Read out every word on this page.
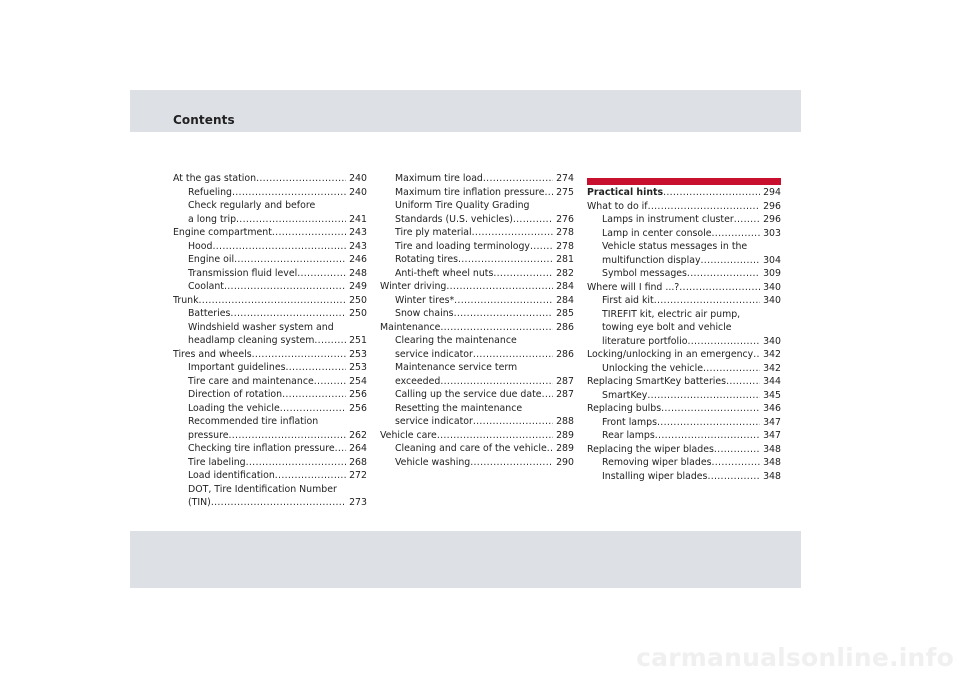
Contents
At the gas station .....	240
Refueling .....	240
Check regularly and before
a long trip .....	241
Engine compartment .....	243
Hood .....	243
Engine oil .....	246
Transmission fluid level .....	248
Coolant .....	249
Trunk .....	250
Batteries .....	250
Windshield washer system and
headlamp cleaning system .....	251
Tires and wheels .....	253
Important guidelines .....	253
Tire care and maintenance .....	254
Direction of rotation .....	256
Loading the vehicle .....	256
Recommended tire inflation
pressure .....	262
Checking tire inflation pressure .....	264
Tire labeling .....	268
Load identification .....	272
DOT, Tire Identification Number
(TIN) .....	273
Maximum tire load .....	274
Maximum tire inflation pressure .....	275
Uniform Tire Quality Grading
Standards (U.S. vehicles) .....	276
Tire ply material .....	278
Tire and loading terminology .....	278
Rotating tires .....	281
Anti-theft wheel nuts .....	282
Winter driving .....	284
Winter tires* .....	284
Snow chains .....	285
Maintenance .....	286
Clearing the maintenance
service indicator .....	286
Maintenance service term
exceeded .....	287
Calling up the service due date .....	287
Resetting the maintenance
service indicator .....	288
Vehicle care .....	289
Cleaning and care of the vehicle ..... 289
Vehicle washing .....	290
Practical hints .....	294
What to do if .....	296
Lamps in instrument cluster .....	296
Lamp in center console .....	303
Vehicle status messages in the
multifunction display .....	304
Symbol messages .....	309
Where will I find ...? .....	340
First aid kit .....	340
TIREFIT kit, electric air pump,
towing eye bolt and vehicle
literature portfolio .....	340
Locking/unlocking in an emergency .....	342
Unlocking the vehicle .....	342
Replacing SmartKey batteries .....	344
SmartKey .....	345
Replacing bulbs .....	346
Front lamps .....	347
Rear lamps .....	347
Replacing the wiper blades .....	348
Removing wiper blades .....	348
Installing wiper blades .....	348
carmanualsonline.info
